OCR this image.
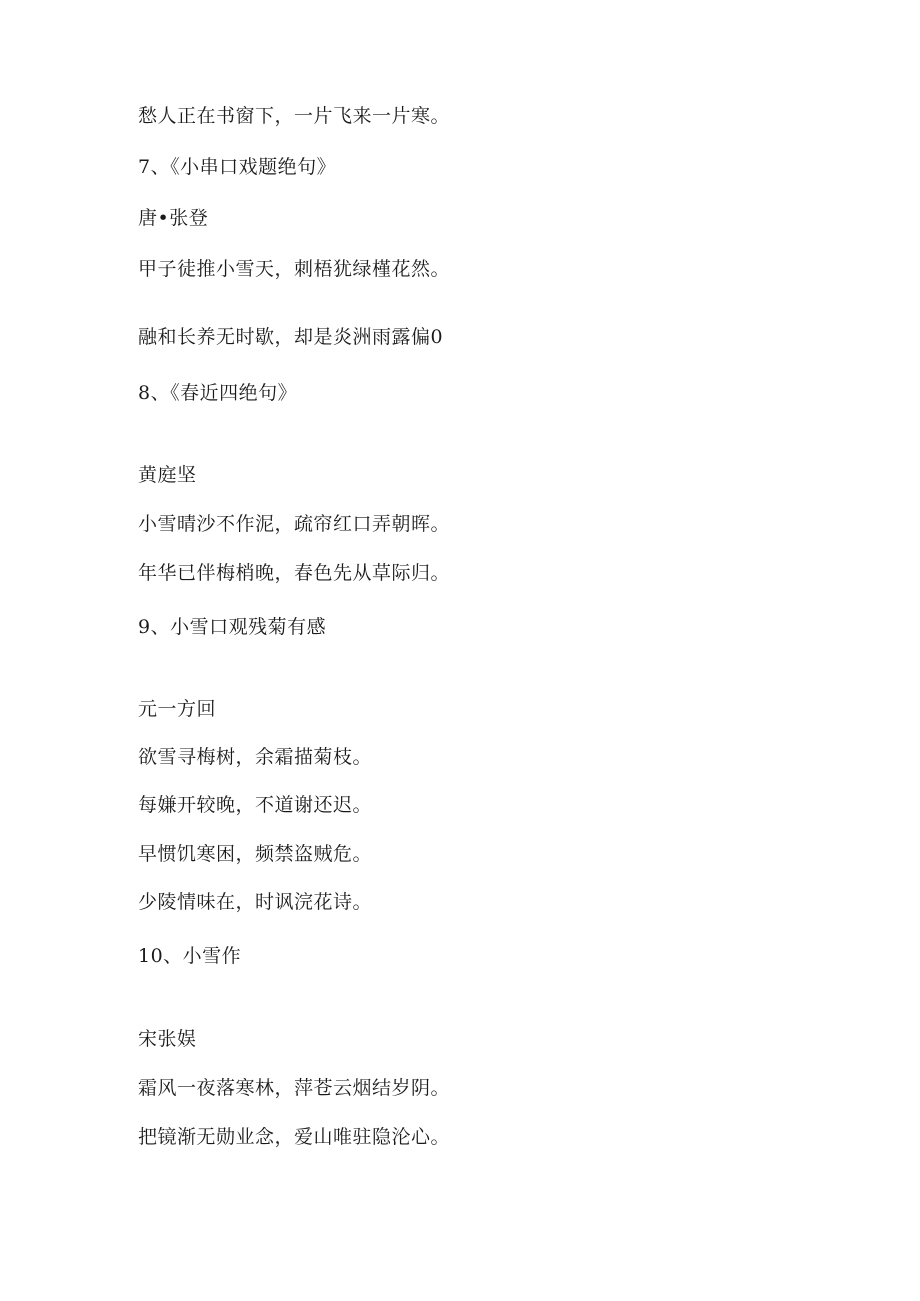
愁人正在书窗下，一片飞来一片寒。
7、《小串口戏题绝句》
唐•张登
甲子徒推小雪天，刺梧犹绿槿花然。
融和长养无时歇，却是炎洲雨露偏0
8、《春近四绝句》
黄庭坚
小雪晴沙不作泥，疏帘红口弄朝晖。
年华已伴梅梢晚，春色先从草际归。
9、小雪口观残菊有感
元一方回
欲雪寻梅树，余霜描菊枝。
每嫌开较晚，不道谢还迟。
早惯饥寒困，频禁盗贼危。
少陵情味在，时讽浣花诗。
10、小雪作
宋张娱
霜风一夜落寒林，萍苍云烟结岁阴。
把镜渐无勋业念，爱山唯驻隐沦心。
